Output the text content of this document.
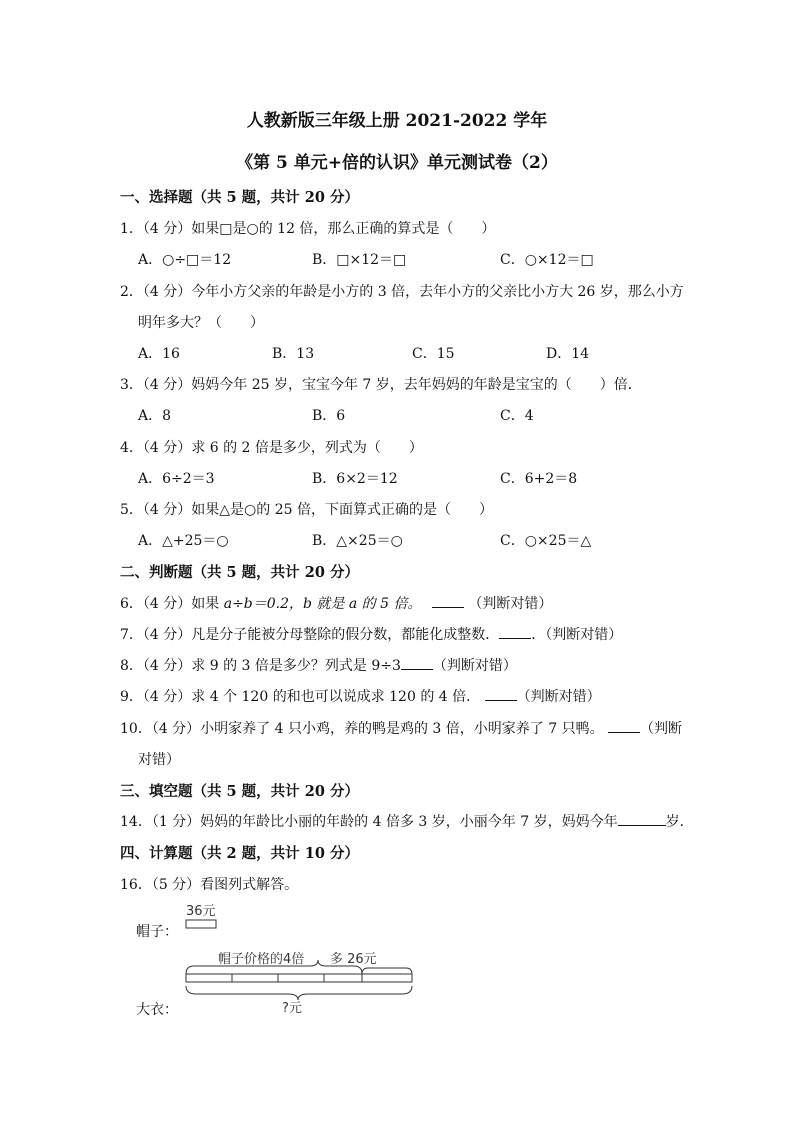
人教新版三年级上册 2021-2022 学年
《第 5 单元+倍的认识》单元测试卷（2）
一、选择题（共 5 题，共计 20 分）
1．（4 分）如果□是○的 12 倍，那么正确的算式是（　　）
A．○÷□＝12	B．□×12＝□	C．○×12＝□
2．（4 分）今年小方父亲的年龄是小方的 3 倍，去年小方的父亲比小方大 26 岁，那么小方
明年多大？（　　）
A．16	B．13	C．15	D．14
3．（4 分）妈妈今年 25 岁，宝宝今年 7 岁，去年妈妈的年龄是宝宝的（　　）倍．
A．8	B．6	C．4
4．（4 分）求 6 的 2 倍是多少，列式为（　　）
A．6÷2＝3	B．6×2＝12	C．6+2＝8
5．（4 分）如果△是○的 25 倍，下面算式正确的是（　　）
A．△+25＝○	B．△×25＝○	C．○×25＝△
二、判断题（共 5 题，共计 20 分）
6．（4 分）如果 a÷b＝0.2，b 就是 a 的 5 倍。	（判断对错）
7．（4 分）凡是分子能被分母整除的假分数，都能化成整数． ．（判断对错）
8．（4 分）求 9 的 3 倍是多少？列式是 9÷3 （判断对错）
9．（4 分）求 4 个 120 的和也可以说成求 120 的 4 倍．	（判断对错）
10．（4 分）小明家养了 4 只小鸡，养的鸭是鸡的 3 倍，小明家养了 7 只鸭。	（判断
对错）
三、填空题（共 5 题，共计 20 分）
14．（1 分）妈妈的年龄比小丽的年龄的 4 倍多 3 岁，小丽今年 7 岁，妈妈今年	岁．
四、计算题（共 2 题，共计 10 分）
16．（5 分）看图列式解答。
帽子：
大衣：
36元
帽子价格的4倍 多 26元
?元
